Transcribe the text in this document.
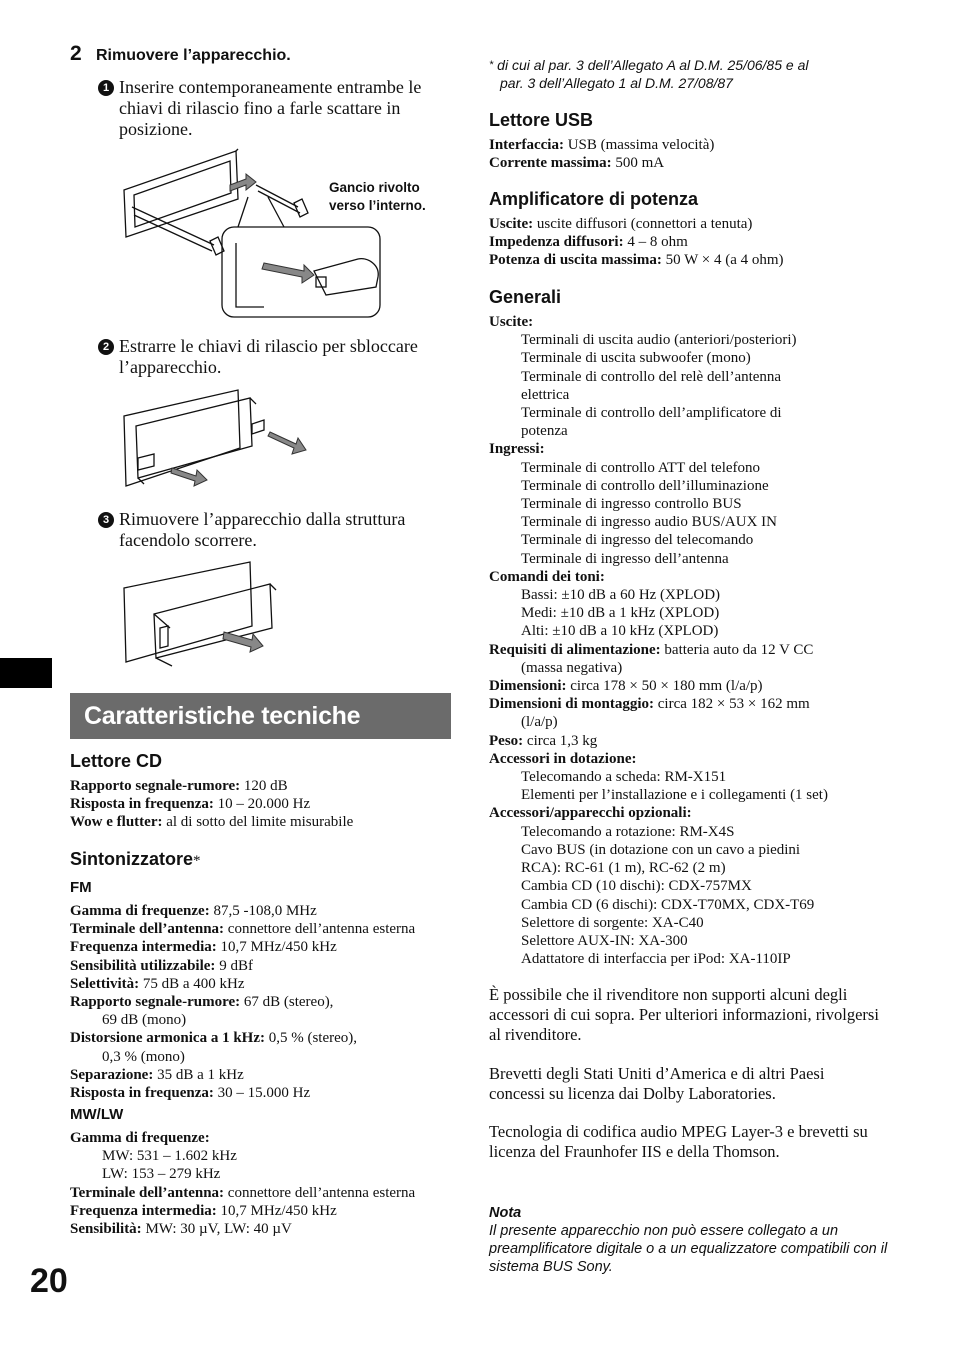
2 Rimuovere l’apparecchio.
1 Inserire contemporaneamente entrambe le chiavi di rilascio fino a farle scattare in posizione.
Gancio rivolto
verso l’interno.
2 Estrarre le chiavi di rilascio per sbloccare l’apparecchio.
3 Rimuovere l’apparecchio dalla struttura facendolo scorrere.
Caratteristiche tecniche
Lettore CD
Rapporto segnale-rumore: 120 dB
Risposta in frequenza: 10 – 20.000 Hz
Wow e flutter: al di sotto del limite misurabile
Sintonizzatore*
FM
Gamma di frequenze: 87,5 -108,0 MHz
Terminale dell’antenna: connettore dell’antenna esterna
Frequenza intermedia: 10,7 MHz/450 kHz
Sensibilità utilizzabile: 9 dBf
Selettività: 75 dB a 400 kHz
Rapporto segnale-rumore: 67 dB (stereo),
69 dB (mono)
Distorsione armonica a 1 kHz: 0,5 % (stereo),
0,3 % (mono)
Separazione: 35 dB a 1 kHz
Risposta in frequenza: 30 – 15.000 Hz
MW/LW
Gamma di frequenze:
MW: 531 – 1.602 kHz
LW: 153 – 279 kHz
Terminale dell’antenna: connettore dell’antenna esterna
Frequenza intermedia: 10,7 MHz/450 kHz
Sensibilità: MW: 30 µV, LW: 40 µV
20
* di cui al par. 3 dell’Allegato A al D.M. 25/06/85 e al
par. 3 dell’Allegato 1 al D.M. 27/08/87
Lettore USB
Interfaccia: USB (massima velocità)
Corrente massima: 500 mA
Amplificatore di potenza
Uscite: uscite diffusori (connettori a tenuta)
Impedenza diffusori: 4 – 8 ohm
Potenza di uscita massima: 50 W × 4 (a 4 ohm)
Generali
Uscite:
Terminali di uscita audio (anteriori/posteriori)
Terminale di uscita subwoofer (mono)
Terminale di controllo del relè dell’antenna
elettrica
Terminale di controllo dell’amplificatore di
potenza
Ingressi:
Terminale di controllo ATT del telefono
Terminale di controllo dell’illuminazione
Terminale di ingresso controllo BUS
Terminale di ingresso audio BUS/AUX IN
Terminale di ingresso del telecomando
Terminale di ingresso dell’antenna
Comandi dei toni:
Bassi: ±10 dB a 60 Hz (XPLOD)
Medi: ±10 dB a 1 kHz (XPLOD)
Alti: ±10 dB a 10 kHz (XPLOD)
Requisiti di alimentazione: batteria auto da 12 V CC
(massa negativa)
Dimensioni: circa 178 × 50 × 180 mm (l/a/p)
Dimensioni di montaggio: circa 182 × 53 × 162 mm
(l/a/p)
Peso: circa 1,3 kg
Accessori in dotazione:
Telecomando a scheda: RM-X151
Elementi per l’installazione e i collegamenti (1 set)
Accessori/apparecchi opzionali:
Telecomando a rotazione: RM-X4S
Cavo BUS (in dotazione con un cavo a piedini
RCA): RC-61 (1 m), RC-62 (2 m)
Cambia CD (10 dischi): CDX-757MX
Cambia CD (6 dischi): CDX-T70MX, CDX-T69
Selettore di sorgente: XA-C40
Selettore AUX-IN: XA-300
Adattatore di interfaccia per iPod: XA-110IP
È possibile che il rivenditore non supporti alcuni degli accessori di cui sopra. Per ulteriori informazioni, rivolgersi al rivenditore.
Brevetti degli Stati Uniti d’America e di altri Paesi concessi su licenza dai Dolby Laboratories.
Tecnologia di codifica audio MPEG Layer-3 e brevetti su licenza del Fraunhofer IIS e della Thomson.
Nota
Il presente apparecchio non può essere collegato a un preamplificatore digitale o a un equalizzatore compatibili con il sistema BUS Sony.
